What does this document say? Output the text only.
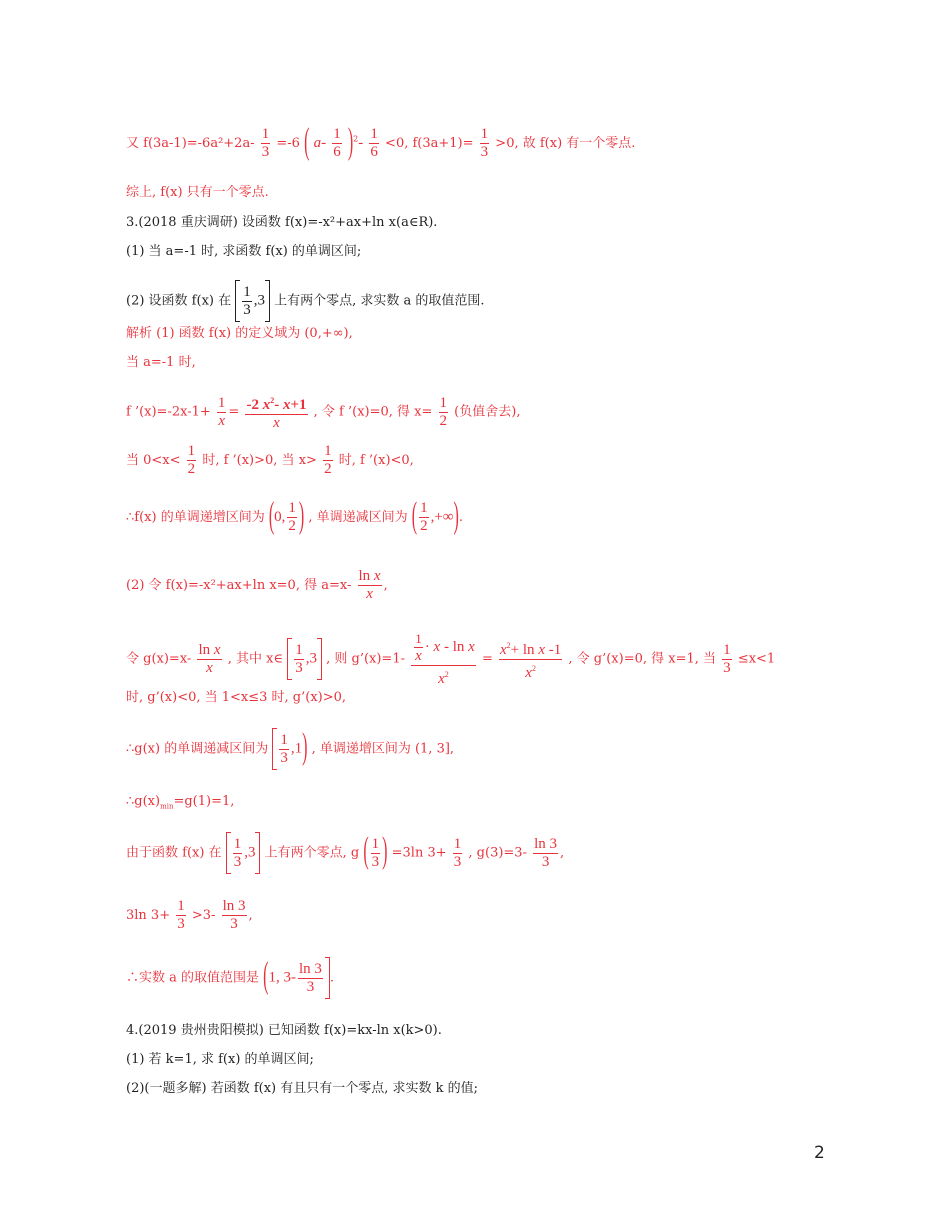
又 $f(3a-1)=-6a^2+2a- \frac{1}{3} =-6$ ( $a- \frac{1}{6} )^2- \frac{1}{6} <0$, $f(3a+1)= \frac{1}{3} >0$, 故 f(x) 有一个零点.
综上, f(x) 只有一个零点.
3.(2018 重庆调研) 设函数 f(x)=-x²+ax+ln x(a∈R).
(1) 当 a=-1 时, 求函数 f(x) 的单调区间;
(2) 设函数 f(x) 在 $\frac{1}{3} ,3$ 上有两个零点, 求实数 a 的取值范围.
解析 (1) 函数 f(x) 的定义域为 (0,+∞),
当 a=-1 时,
f ’(x)=-2x-1+ $\frac{1}{x} = \frac{-2 x^2- x+1}{x}$ , 令 f ’(x)=0, 得 $x= \frac{1}{2}$ (负值舍去),
当 $0<x< \frac{1}{2}$ 时, f ’(x)>0, 当 $x> \frac{1}{2}$ 时, f ’(x)<0,
∴f(x) 的单调递增区间为 (0, $\frac{1}{2}$ ) , 单调递减区间为 ( $\frac{1}{2}$ ,+∞).
(2) 令 f(x)=-x²+ax+ln x=0, 得 $a=x- \frac{\text{ln x}}{x}$ ,
令 $g(x)=x- \frac{\text{ln x}}{x}$ , 其中 x∈ $\frac{1}{3} ,3$ , 则 g’(x)=1- $\frac{\frac{1}{x} \cdot x - \ln x}{x^2} = \frac{x^2+ \ln x -1}{x^2}$ , 令 g’(x)=0, 得 x=1, 当 $\frac{1}{3} \le x<1$
时, g’(x)<0, 当 1<x≤3 时, g’(x)>0,
∴g(x) 的单调递减区间为 $\frac{1}{3} ,1$) , 单调递增区间为 (1, 3],
$\therefore g(x)_{min}=g(1)=1$,
由于函数 f(x) 在 $\frac{1}{3} ,3$ 上有两个零点, g ( $\frac{1}{3}$ ) =3ln $3+ \frac{1}{3}$ , $g(3)=3- \frac{\ln 3}{3}$ ,
3ln $3+ \frac{1}{3} >3- \frac{\ln 3}{3}$ ,
∴实数 a 的取值范围是 (1, $3- \frac{\ln 3}{3}$ .
4.(2019 贵州贵阳模拟) 已知函数 f(x)=kx-ln x(k>0).
(1) 若 k=1, 求 f(x) 的单调区间;
(2)(一题多解) 若函数 f(x) 有且只有一个零点, 求实数 k 的值;
2
